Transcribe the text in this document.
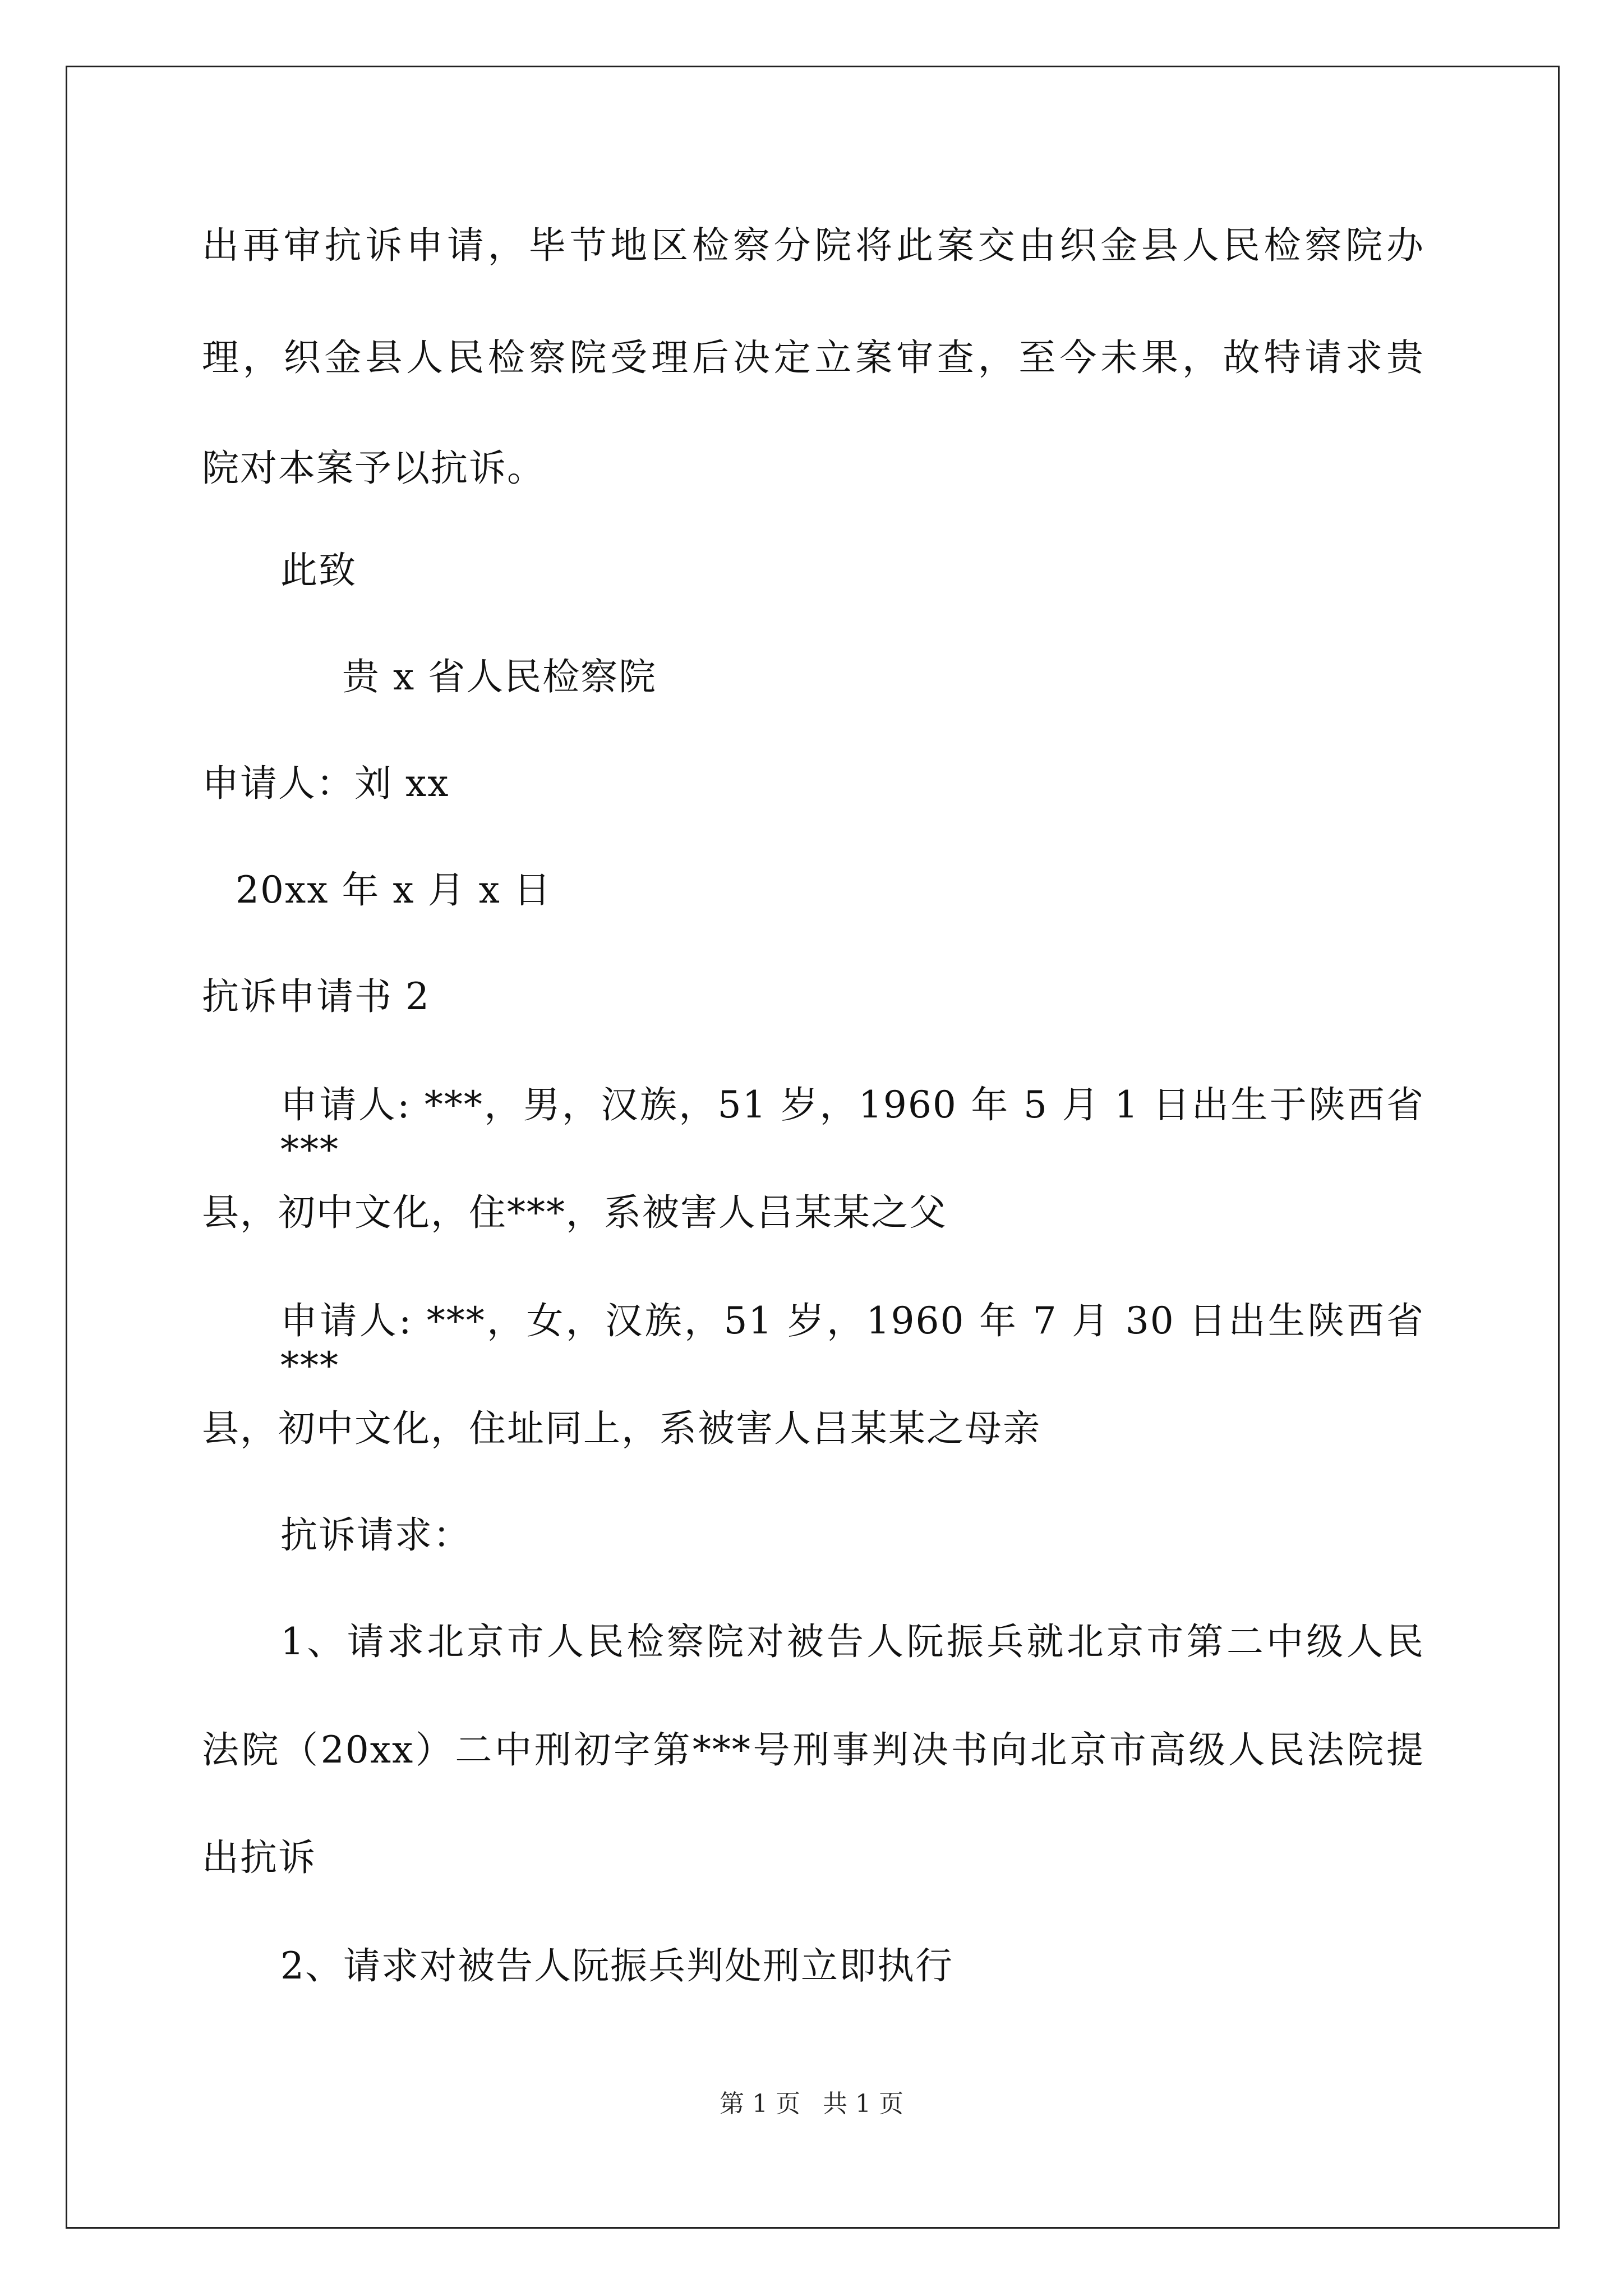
出再审抗诉申请，毕节地区检察分院将此案交由织金县人民检察院办
理，织金县人民检察院受理后决定立案审查，至今未果，故特请求贵
院对本案予以抗诉。
此致
贵 x 省人民检察院
申请人：刘 xx
20xx 年 x 月 x 日
抗诉申请书 2
申请人: ***，男，汉族，51 岁，1960 年 5 月 1 日出生于陕西省***
县，初中文化，住***，系被害人吕某某之父
申请人: ***，女，汉族，51 岁，1960 年 7 月 30 日出生陕西省***
县，初中文化，住址同上，系被害人吕某某之母亲
抗诉请求：
1、请求北京市人民检察院对被告人阮振兵就北京市第二中级人民
法院（20xx）二中刑初字第***号刑事判决书向北京市高级人民法院提
出抗诉
2、请求对被告人阮振兵判处刑立即执行
第 1 页 共 1 页
